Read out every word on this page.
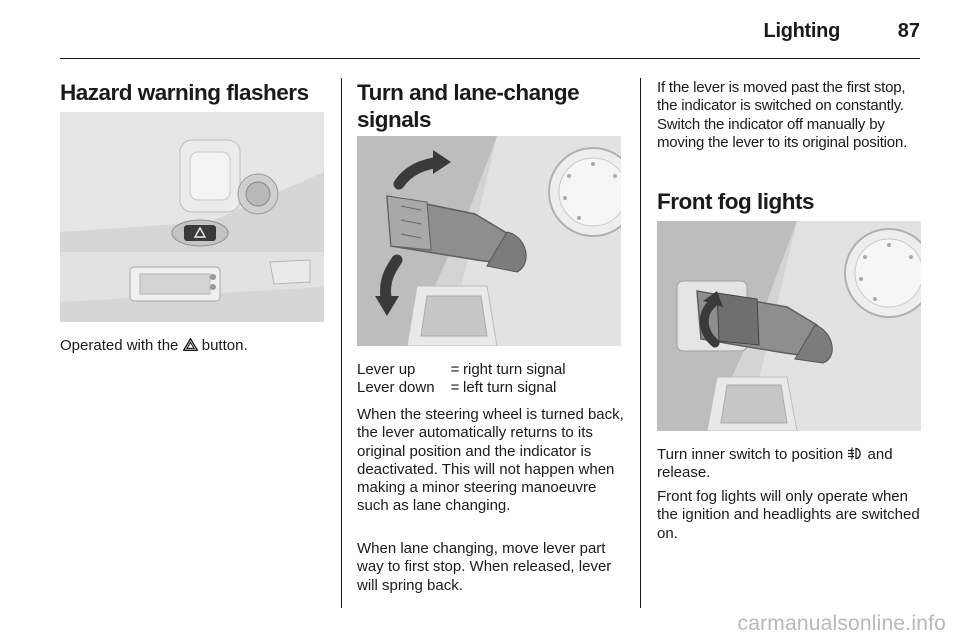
Lighting	87
Hazard warning flashers

Operated with the  button.

Turn and lane-change
signals
Lever up	=	right turn signal
Lever down	=	left turn signal

When the steering wheel is turned back, the lever automatically returns to its original position and the indicator is deactivated. This will not happen when making a minor steering manoeuvre such as lane changing.

When lane changing, move lever part way to first stop. When released, lever will spring back.

If the lever is moved past the first stop, the indicator is switched on constantly. Switch the indicator off manually by moving the lever to its original position.

Front fog lights

Turn inner switch to position  and release.

Front fog lights will only operate when the ignition and headlights are switched on.

carmanualsonline.info
